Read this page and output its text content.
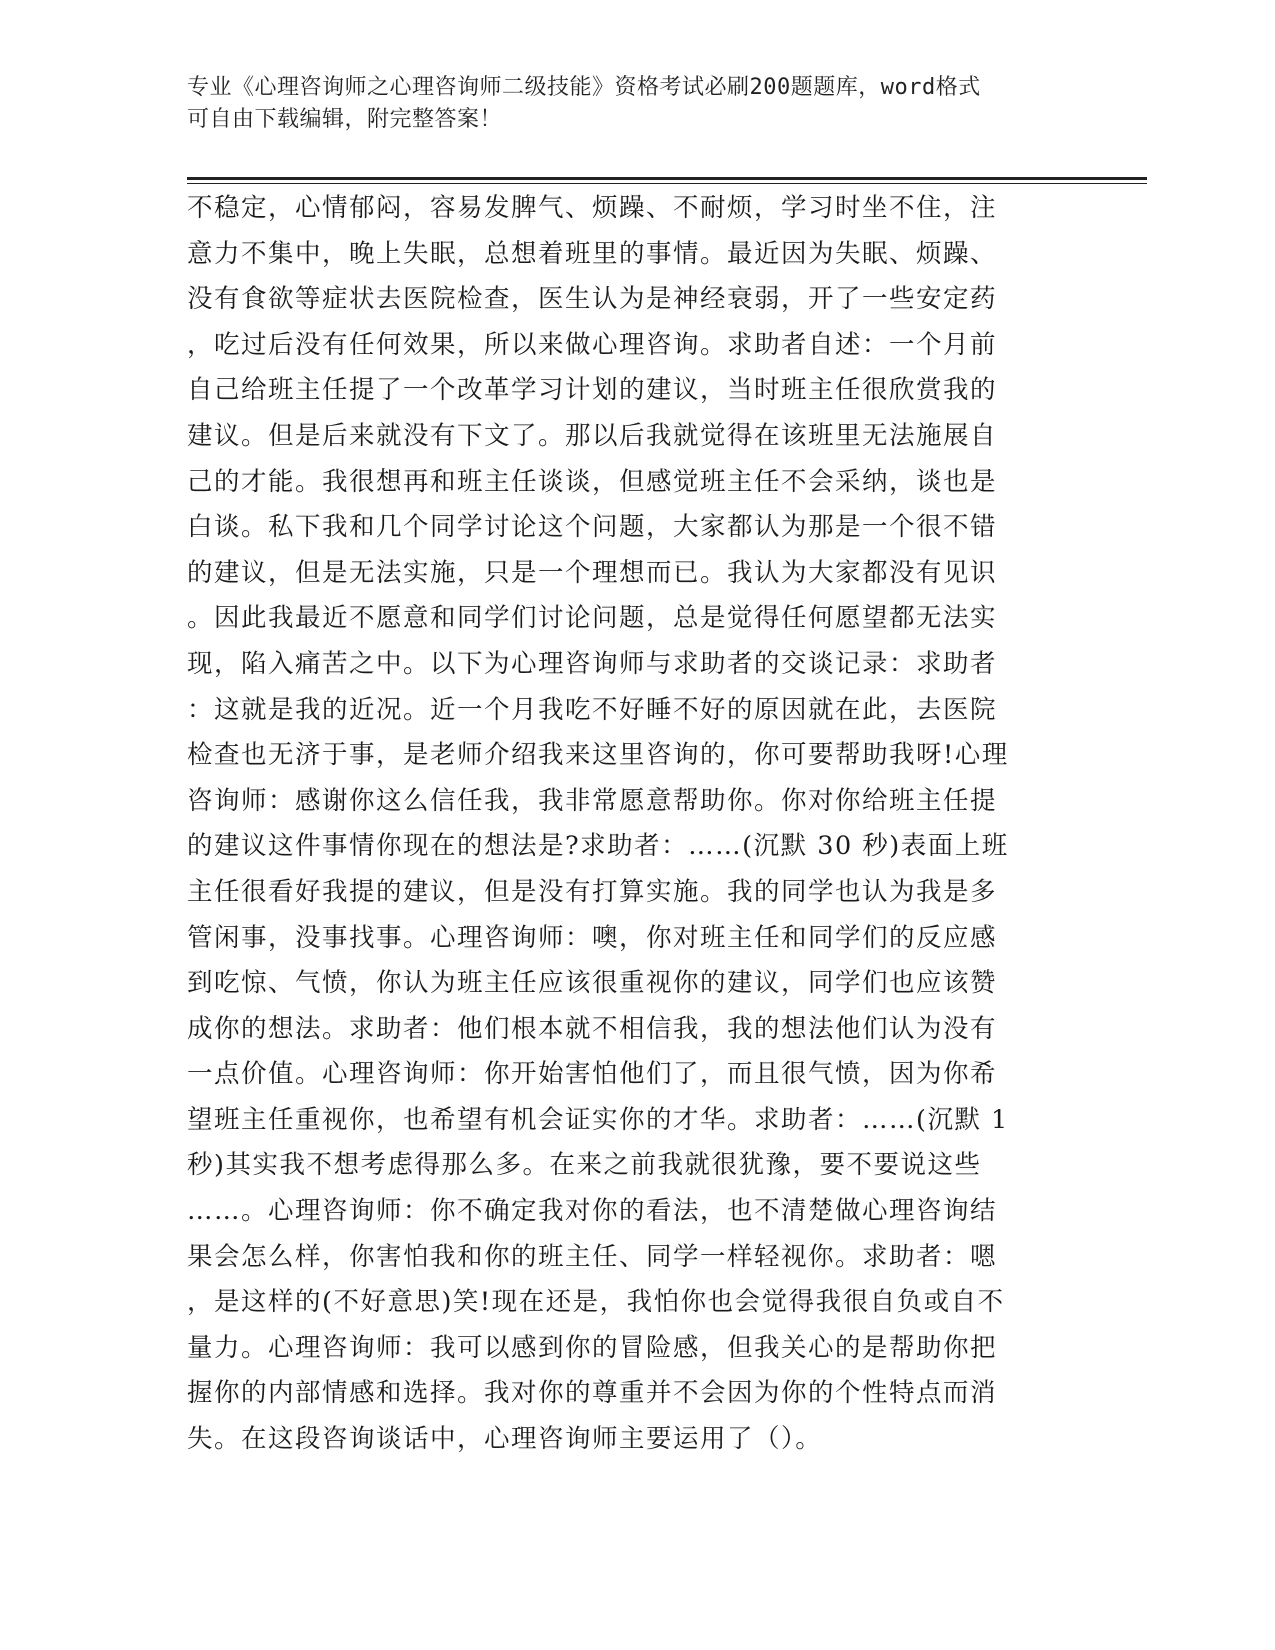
专业《心理咨询师之心理咨询师二级技能》资格考试必刷200题题库，word格式
可自由下载编辑，附完整答案！
不稳定，心情郁闷，容易发脾气、烦躁、不耐烦，学习时坐不住，注
意力不集中，晚上失眠，总想着班里的事情。最近因为失眠、烦躁、
没有食欲等症状去医院检查，医生认为是神经衰弱，开了一些安定药
，吃过后没有任何效果，所以来做心理咨询。求助者自述：一个月前
自己给班主任提了一个改革学习计划的建议，当时班主任很欣赏我的
建议。但是后来就没有下文了。那以后我就觉得在该班里无法施展自
己的才能。我很想再和班主任谈谈，但感觉班主任不会采纳，谈也是
白谈。私下我和几个同学讨论这个问题，大家都认为那是一个很不错
的建议，但是无法实施，只是一个理想而已。我认为大家都没有见识
。因此我最近不愿意和同学们讨论问题，总是觉得任何愿望都无法实
现，陷入痛苦之中。以下为心理咨询师与求助者的交谈记录：求助者
：这就是我的近况。近一个月我吃不好睡不好的原因就在此，去医院
检查也无济于事，是老师介绍我来这里咨询的，你可要帮助我呀!心理
咨询师：感谢你这么信任我，我非常愿意帮助你。你对你给班主任提
的建议这件事情你现在的想法是?求助者：……(沉默 30 秒)表面上班
主任很看好我提的建议，但是没有打算实施。我的同学也认为我是多
管闲事，没事找事。心理咨询师：噢，你对班主任和同学们的反应感
到吃惊、气愤，你认为班主任应该很重视你的建议，同学们也应该赞
成你的想法。求助者：他们根本就不相信我，我的想法他们认为没有
一点价值。心理咨询师：你开始害怕他们了，而且很气愤，因为你希
望班主任重视你，也希望有机会证实你的才华。求助者：……(沉默 1
秒)其实我不想考虑得那么多。在来之前我就很犹豫，要不要说这些
……。心理咨询师：你不确定我对你的看法，也不清楚做心理咨询结
果会怎么样，你害怕我和你的班主任、同学一样轻视你。求助者：嗯
，是这样的(不好意思)笑!现在还是，我怕你也会觉得我很自负或自不
量力。心理咨询师：我可以感到你的冒险感，但我关心的是帮助你把
握你的内部情感和选择。我对你的尊重并不会因为你的个性特点而消
失。在这段咨询谈话中，心理咨询师主要运用了（）。
